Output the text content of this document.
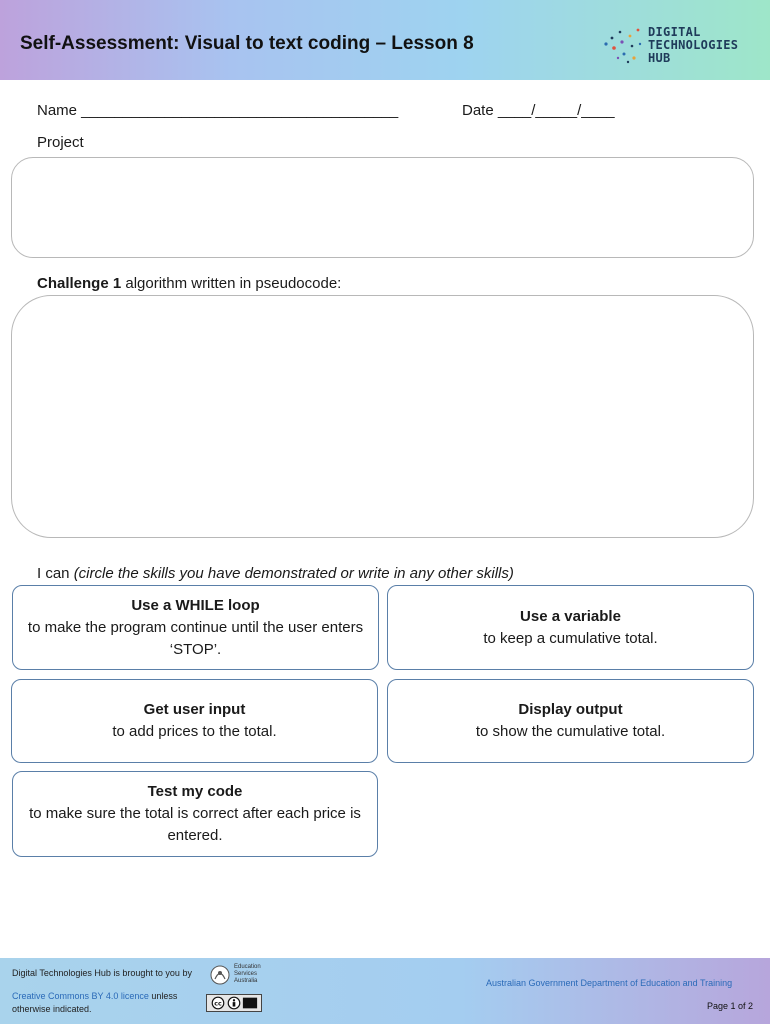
Self-Assessment: Visual to text coding – Lesson 8
DIGITAL
TECHNOLOGIES
HUB
Name ______________________________________	Date ____/_____/____
Project
Challenge 1 algorithm written in pseudocode:
I can (circle the skills you have demonstrated or write in any other skills)
Use a WHILE loop
to make the program continue until the user enters ‘STOP’.
Use a variable
to keep a cumulative total.
Get user input
to add prices to the total.
Display output
to show the cumulative total.
Test my code
to make sure the total is correct after each price is entered.
Digital Technologies Hub is brought to you by
Education Services Australia
Creative Commons BY 4.0 licence unless
otherwise indicated.	cc
Australian Government Department of Education and Training
Page 1 of 2
